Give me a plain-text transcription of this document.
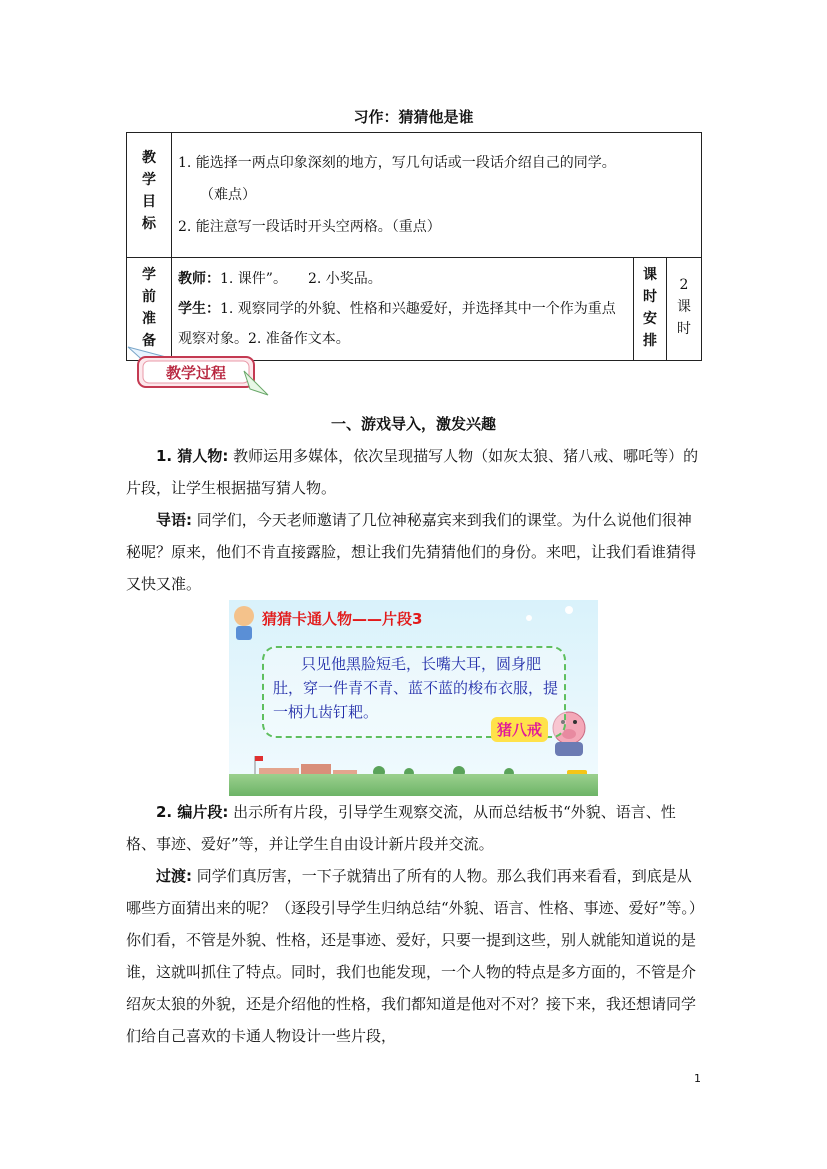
习作：猜猜他是谁
教学目标	1. 能选择一两点印象深刻的地方，写几句话或一段话介绍自己的同学。
（难点）
2. 能注意写一段话时开头空两格。（重点）		

学前准备	教师：1. 课件”。　　2. 小奖品。
学生：1. 观察同学的外貌、性格和兴趣爱好，并选择其中一个作为重点观察对象。2. 准备作文本。	课时安排	2课时
教学过程
一、游戏导入，激发兴趣
1. 猜人物: 教师运用多媒体，依次呈现描写人物（如灰太狼、猪八戒、哪吒等）的片段，让学生根据描写猜人物。
导语: 同学们，今天老师邀请了几位神秘嘉宾来到我们的课堂。为什么说他们很神秘呢？原来，他们不肯直接露脸，想让我们先猜猜他们的身份。来吧，让我们看谁猜得又快又准。
猜猜卡通人物——片段3
只见他黑脸短毛，长嘴大耳，圆身肥肚，穿一件青不青、蓝不蓝的梭布衣服，提一柄九齿钉耙。
猪八戒
2. 编片段: 出示所有片段，引导学生观察交流，从而总结板书“外貌、语言、性格、事迹、爱好”等，并让学生自由设计新片段并交流。
过渡: 同学们真厉害，一下子就猜出了所有的人物。那么我们再来看看，到底是从哪些方面猜出来的呢？（逐段引导学生归纳总结“外貌、语言、性格、事迹、爱好”等。）你们看，不管是外貌、性格，还是事迹、爱好，只要一提到这些，别人就能知道说的是谁，这就叫抓住了特点。同时，我们也能发现，一个人物的特点是多方面的，不管是介绍灰太狼的外貌，还是介绍他的性格，我们都知道是他对不对？接下来，我还想请同学们给自己喜欢的卡通人物设计一些片段，
1
